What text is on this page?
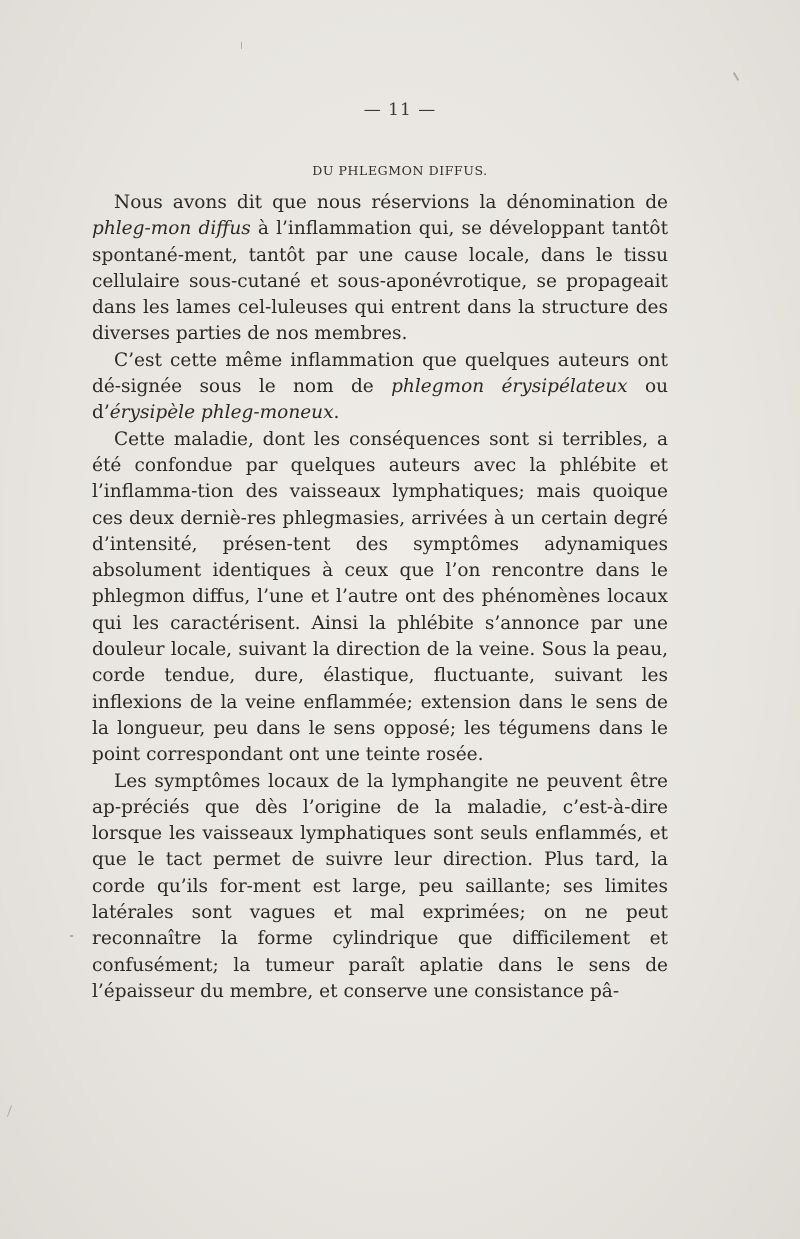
— 11 —
DU PHLEGMON DIFFUS.

Nous avons dit que nous réservions la dénomination de phleg-mon diffus à l’inflammation qui, se développant tantôt spontané-ment, tantôt par une cause locale, dans le tissu cellulaire sous-cutané et sous-aponévrotique, se propageait dans les lames cel-luleuses qui entrent dans la structure des diverses parties de nos membres.

C’est cette même inflammation que quelques auteurs ont dé-signée sous le nom de phlegmon érysipélateux ou d’érysipèle phleg-moneux.

Cette maladie, dont les conséquences sont si terribles, a été confondue par quelques auteurs avec la phlébite et l’inflamma-tion des vaisseaux lymphatiques; mais quoique ces deux derniè-res phlegmasies, arrivées à un certain degré d’intensité, présen-tent des symptômes adynamiques absolument identiques à ceux que l’on rencontre dans le phlegmon diffus, l’une et l’autre ont des phénomènes locaux qui les caractérisent. Ainsi la phlébite s’annonce par une douleur locale, suivant la direction de la veine. Sous la peau, corde tendue, dure, élastique, fluctuante, suivant les inflexions de la veine enflammée; extension dans le sens de la longueur, peu dans le sens opposé; les tégumens dans le point correspondant ont une teinte rosée.

Les symptômes locaux de la lymphangite ne peuvent être ap-préciés que dès l’origine de la maladie, c’est-à-dire lorsque les vaisseaux lymphatiques sont seuls enflammés, et que le tact permet de suivre leur direction. Plus tard, la corde qu’ils for-ment est large, peu saillante; ses limites latérales sont vagues et mal exprimées; on ne peut reconnaître la forme cylindrique que difficilement et confusément; la tumeur paraît aplatie dans le sens de l’épaisseur du membre, et conserve une consistance pâ-
